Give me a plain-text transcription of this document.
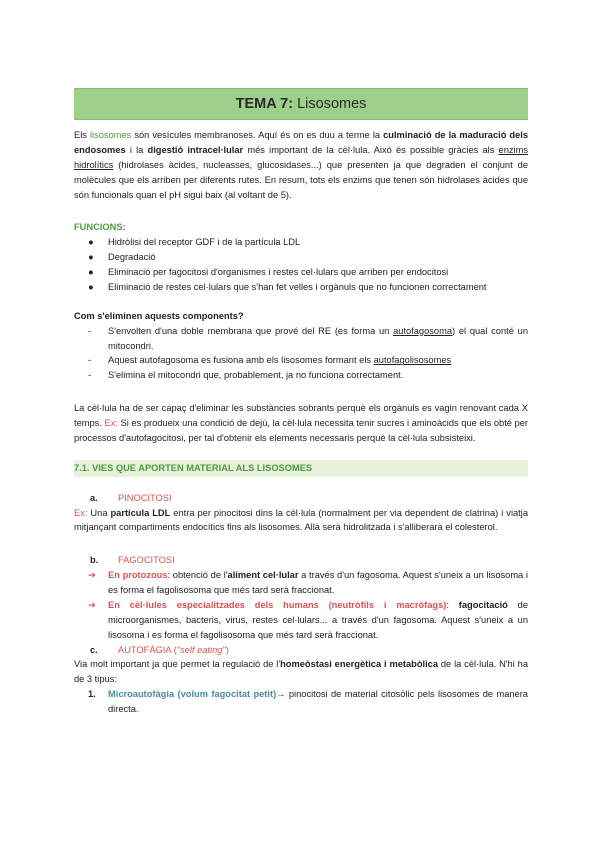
TEMA 7: Lisosomes

Els lisosomes són vesícules membranoses. Aquí és on es duu a terme la culminació de la maduració dels endosomes i la digestió intracel·lular més important de la cèl·lula. Això és possible gràcies als enzims hidrolítics (hidrolases àcides, nucleasses, glucosidases...) que presenten ja que degraden el conjunt de molècules que els arriben per diferents rutes. En resum, tots els enzims que tenen són hidrolases àcides que són funcionals quan el pH sigui baix (al voltant de 5).

FUNCIONS:
● Hidròlisi del receptor GDF i de la partícula LDL
● Degradació
● Eliminació per fagocitosi d'organismes i restes cel·lulars que arriben per endocitosi
● Eliminació de restes cel·lulars que s'han fet velles i orgànuls que no funcionen correctament
Com s'eliminen aquests components?
- S'envolten d'una doble membrana que prové del RE (es forma un autofagosoma) el qual conté un mitocondri.

- Aquest autofagosoma es fusiona amb els lisosomes formant els autofagolisosomes
- S'elimina el mitocondri que, probablement, ja no funciona correctament.

La cèl·lula ha de ser capaç d'eliminar les substàncies sobrants perquè els orgànuls es vagin renovant cada X temps. Ex: Si es produeix una condició de dejú, la cèl·lula necessita tenir sucres i aminoàcids que els obté per processos d'autofagocitosi, per tal d'obtenir els elements necessaris perquè la cèl·lula subsisteixi.

7.1. VIES QUE APORTEN MATERIAL ALS LISOSOMES
a. PINOCITOSI

Ex: Una partícula LDL entra per pinocitosi dins la cèl·lula (normalment per via dependent de clatrina) i viatja mitjançant compartiments endocítics fins als lisosomes. Allà serà hidrolitzada i s'alliberarà el colesterol.

b. FAGOCITOSI
➔ En protozous: obtenció de l'aliment cel·lular a través d'un fagosoma. Aquest s'uneix a un lisosoma i es forma el fagolisosoma que més tard serà fraccionat.

➔ En cèl·lules especialitzades dels humans (neutròfils i macròfags): fagocitació de microorganismes, bacteris, virus, restes cel·lulars... a través d'un fagosoma. Aquest s'uneix a un lisosoma i es forma el fagolisosoma que més tard serà fraccionat.

c. AUTOFÀGIA ("self eating")

Via molt important ja que permet la regulació de l'homeòstasi energètica i metabòlica de la cèl·lula. N'hi ha de 3 tipus:

1. Microautofàgia (volum fagocitat petit)→ pinocitosi de material citosòlic pels lisosomes de manera directa.
